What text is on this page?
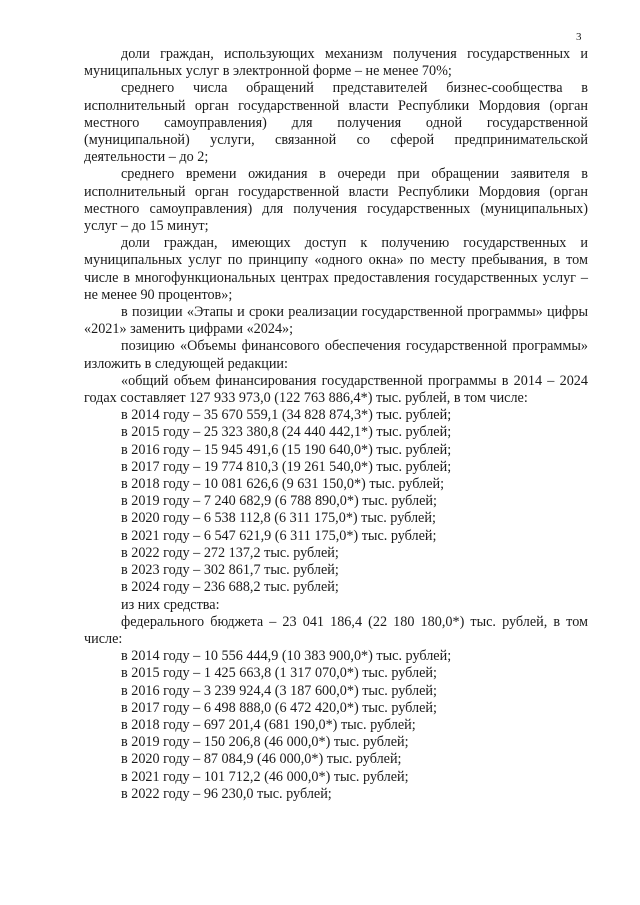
3

доли граждан, использующих механизм получения государственных и муниципальных услуг в электронной форме – не менее 70%;

среднего числа обращений представителей бизнес-сообщества в исполнительный орган государственной власти Республики Мордовия (орган местного самоуправления) для получения одной государственной (муниципальной) услуги, связанной со сферой предпринимательской деятельности – до 2;

среднего времени ожидания в очереди при обращении заявителя в исполнительный орган государственной власти Республики Мордовия (орган местного самоуправления) для получения государственных (муниципальных) услуг – до 15 минут;

доли граждан, имеющих доступ к получению государственных и муниципальных услуг по принципу «одного окна» по месту пребывания, в том числе в многофункциональных центрах предоставления государственных услуг – не менее 90 процентов»;

в позиции «Этапы и сроки реализации государственной программы» цифры «2021» заменить цифрами «2024»;

позицию «Объемы финансового обеспечения государственной программы» изложить в следующей редакции:

«общий объем финансирования государственной программы в 2014 – 2024 годах составляет 127 933 973,0 (122 763 886,4*) тыс. рублей, в том числе:

в 2014 году – 35 670 559,1 (34 828 874,3*) тыс. рублей;
в 2015 году – 25 323 380,8 (24 440 442,1*) тыс. рублей;
в 2016 году – 15 945 491,6 (15 190 640,0*) тыс. рублей;
в 2017 году – 19 774 810,3 (19 261 540,0*) тыс. рублей;
в 2018 году – 10 081 626,6 (9 631 150,0*) тыс. рублей;
в 2019 году – 7 240 682,9 (6 788 890,0*) тыс. рублей;
в 2020 году – 6 538 112,8 (6 311 175,0*) тыс. рублей;
в 2021 году – 6 547 621,9 (6 311 175,0*) тыс. рублей;
в 2022 году – 272 137,2 тыс. рублей;
в 2023 году – 302 861,7 тыс. рублей;
в 2024 году – 236 688,2 тыс. рублей;
из них средства:

федерального бюджета – 23 041 186,4 (22 180 180,0*) тыс. рублей, в том числе:

в 2014 году – 10 556 444,9 (10 383 900,0*) тыс. рублей;
в 2015 году – 1 425 663,8 (1 317 070,0*) тыс. рублей;
в 2016 году – 3 239 924,4 (3 187 600,0*) тыс. рублей;
в 2017 году – 6 498 888,0 (6 472 420,0*) тыс. рублей;
в 2018 году – 697 201,4 (681 190,0*) тыс. рублей;
в 2019 году – 150 206,8 (46 000,0*) тыс. рублей;
в 2020 году – 87 084,9 (46 000,0*) тыс. рублей;
в 2021 году – 101 712,2 (46 000,0*) тыс. рублей;
в 2022 году – 96 230,0 тыс. рублей;
